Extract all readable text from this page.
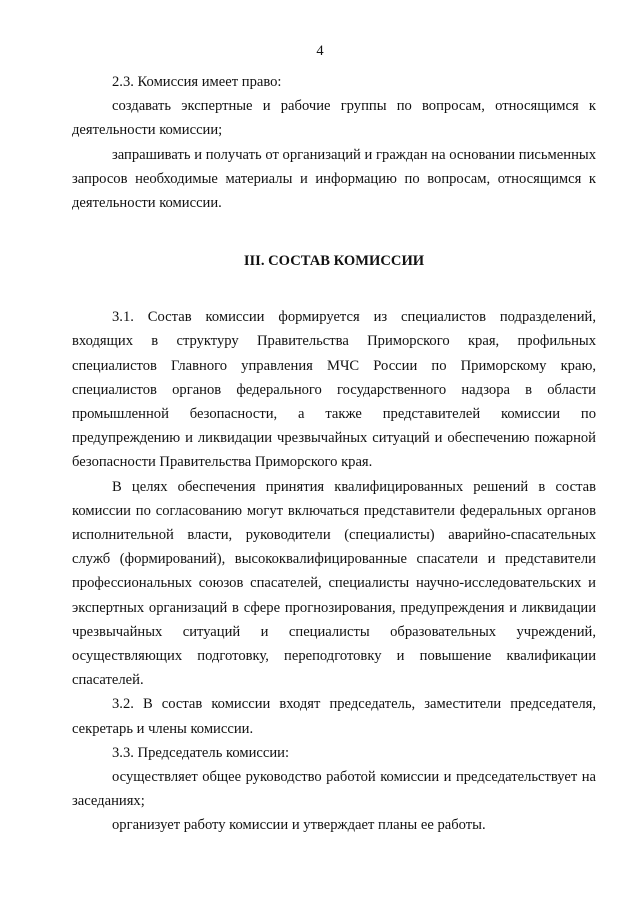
4

2.3. Комиссия имеет право:

создавать экспертные и рабочие группы по вопросам, относящимся к деятельности комиссии;

запрашивать и получать от организаций и граждан на основании письменных запросов необходимые материалы и информацию по вопросам, относящимся к деятельности комиссии.

III. СОСТАВ КОМИССИИ

3.1. Состав комиссии формируется из специалистов подразделений, входящих в структуру Правительства Приморского края, профильных специалистов Главного управления МЧС России по Приморскому краю, специалистов органов федерального государственного надзора в области промышленной безопасности, а также представителей комиссии по предупреждению и ликвидации чрезвычайных ситуаций и обеспечению пожарной безопасности Правительства Приморского края.

В целях обеспечения принятия квалифицированных решений в состав комиссии по согласованию могут включаться представители федеральных органов исполнительной власти, руководители (специалисты) аварийно-спасательных служб (формирований), высококвалифицированные спасатели и представители профессиональных союзов спасателей, специалисты научно-исследовательских и экспертных организаций в сфере прогнозирования, предупреждения и ликвидации чрезвычайных ситуаций и специалисты образовательных учреждений, осуществляющих подготовку, переподготовку и повышение квалификации спасателей.

3.2. В состав комиссии входят председатель, заместители председателя, секретарь и члены комиссии.

3.3. Председатель комиссии:

осуществляет общее руководство работой комиссии и председательствует на заседаниях;

организует работу комиссии и утверждает планы ее работы.
